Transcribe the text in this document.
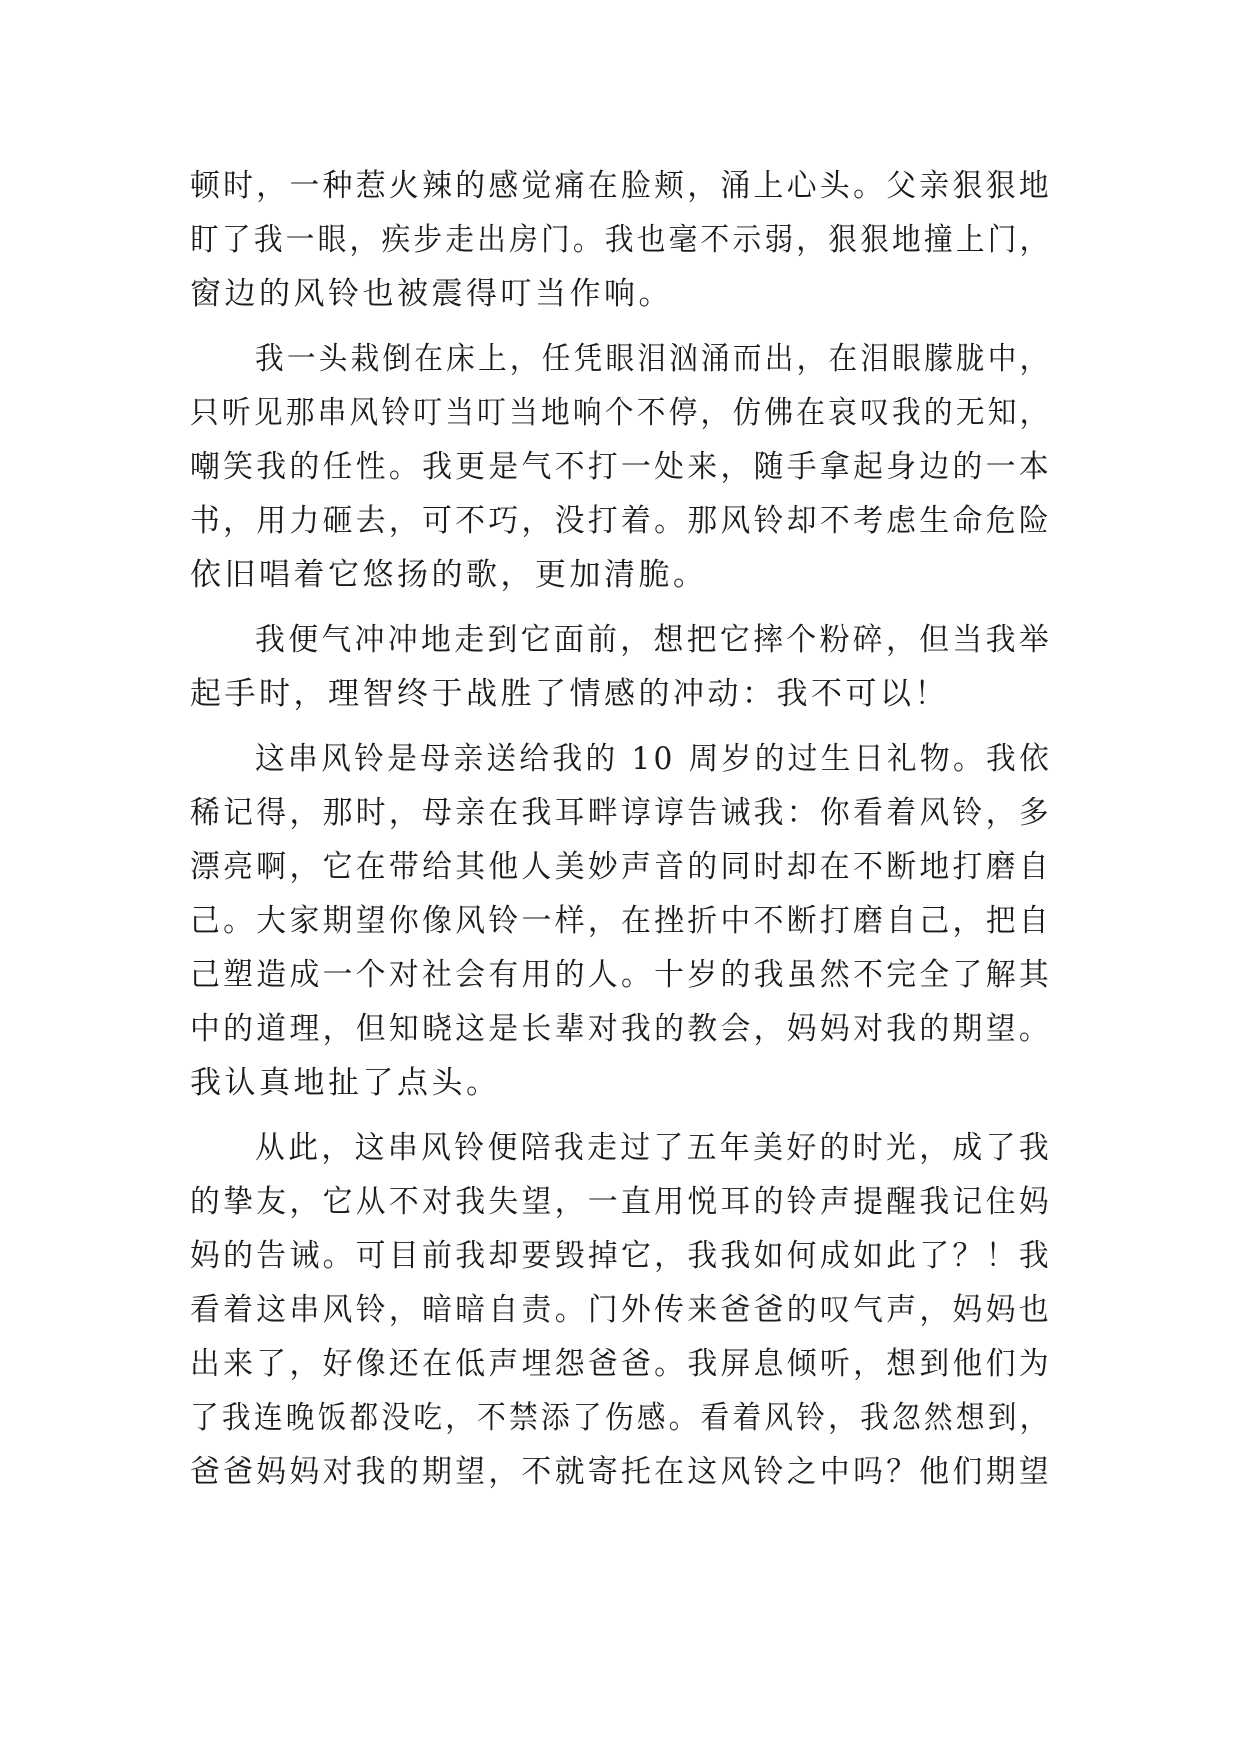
顿时，一种惹火辣的感觉痛在脸颊，涌上心头。父亲狠狠地

盯了我一眼，疾步走出房门。我也毫不示弱，狠狠地撞上门，

窗边的风铃也被震得叮当作响。

我一头栽倒在床上，任凭眼泪汹涌而出，在泪眼朦胧中，

只听见那串风铃叮当叮当地响个不停，仿佛在哀叹我的无知，

嘲笑我的任性。我更是气不打一处来，随手拿起身边的一本

书，用力砸去，可不巧，没打着。那风铃却不考虑生命危险

依旧唱着它悠扬的歌，更加清脆。

我便气冲冲地走到它面前，想把它摔个粉碎，但当我举

起手时，理智终于战胜了情感的冲动：我不可以！

这串风铃是母亲送给我的 10 周岁的过生日礼物。我依

稀记得，那时，母亲在我耳畔谆谆告诫我：你看着风铃，多

漂亮啊，它在带给其他人美妙声音的同时却在不断地打磨自

己。大家期望你像风铃一样，在挫折中不断打磨自己，把自

己塑造成一个对社会有用的人。十岁的我虽然不完全了解其

中的道理，但知晓这是长辈对我的教会，妈妈对我的期望。

我认真地扯了点头。

从此，这串风铃便陪我走过了五年美好的时光，成了我

的挚友，它从不对我失望，一直用悦耳的铃声提醒我记住妈

妈的告诫。可目前我却要毁掉它，我我如何成如此了？！我

看着这串风铃，暗暗自责。门外传来爸爸的叹气声，妈妈也

出来了，好像还在低声埋怨爸爸。我屏息倾听，想到他们为

了我连晚饭都没吃，不禁添了伤感。看着风铃，我忽然想到，

爸爸妈妈对我的期望，不就寄托在这风铃之中吗？他们期望
